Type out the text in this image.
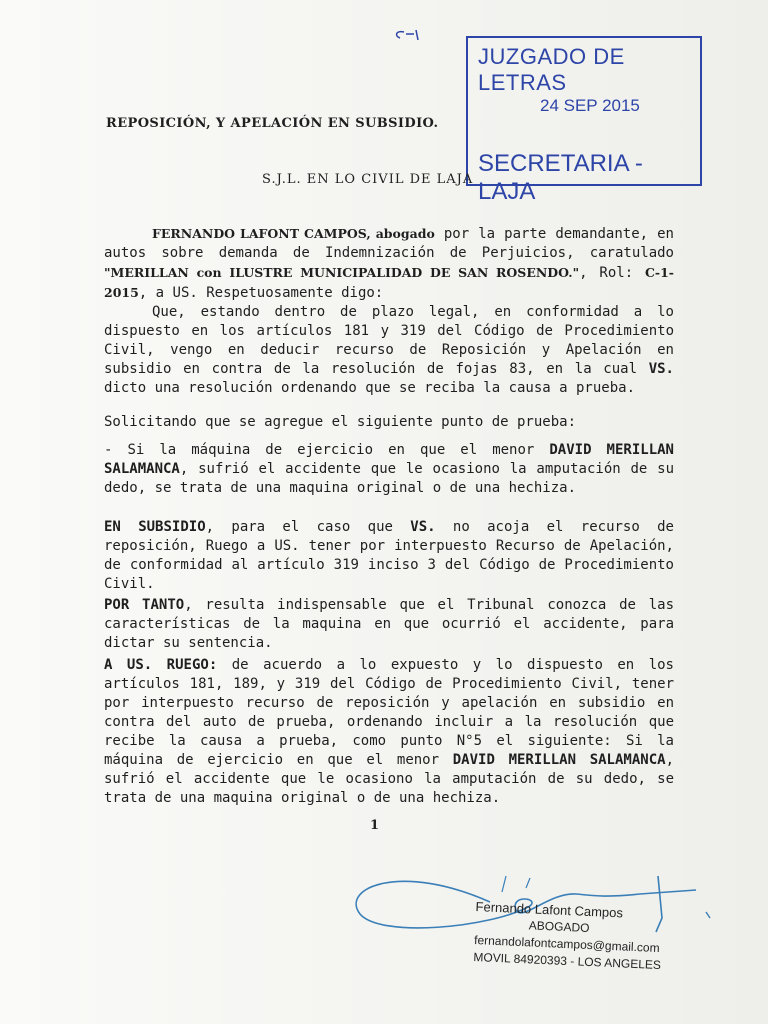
JUZGADO DE LETRAS
24 SEP 2015
SECRETARIA - LAJA
REPOSICIÓN, Y APELACIÓN EN SUBSIDIO.
S.J.L. EN LO CIVIL DE LAJA

FERNANDO LAFONT CAMPOS, abogado por la parte demandante, en autos sobre demanda de Indemnización de Perjuicios, caratulado "MERILLAN con ILUSTRE MUNICIPALIDAD DE SAN ROSENDO.", Rol: C-1-2015, a US. Respetuosamente digo:

Que, estando dentro de plazo legal, en conformidad a lo dispuesto en los artículos 181 y 319 del Código de Procedimiento Civil, vengo en deducir recurso de Reposición y Apelación en subsidio en contra de la resolución de fojas 83, en la cual VS. dicto una resolución ordenando que se reciba la causa a prueba.

Solicitando que se agregue el siguiente punto de prueba:

- Si la máquina de ejercicio en que el menor DAVID MERILLAN SALAMANCA, sufrió el accidente que le ocasiono la amputación de su dedo, se trata de una maquina original o de una hechiza.

EN SUBSIDIO, para el caso que VS. no acoja el recurso de reposición, Ruego a US. tener por interpuesto Recurso de Apelación, de conformidad al artículo 319 inciso 3 del Código de Procedimiento Civil.

POR TANTO, resulta indispensable que el Tribunal conozca de las características de la maquina en que ocurrió el accidente, para dictar su sentencia.

A US. RUEGO: de acuerdo a lo expuesto y lo dispuesto en los artículos 181, 189, y 319 del Código de Procedimiento Civil, tener por interpuesto recurso de reposición y apelación en subsidio en contra del auto de prueba, ordenando incluir a la resolución que recibe la causa a prueba, como punto N°5 el siguiente: Si la máquina de ejercicio en que el menor DAVID MERILLAN SALAMANCA, sufrió el accidente que le ocasiono la amputación de su dedo, se trata de una maquina original o de una hechiza.

1
Fernando Lafont Campos
ABOGADO
fernandolafontcampos@gmail.com
MOVIL 84920393 - LOS ANGELES
